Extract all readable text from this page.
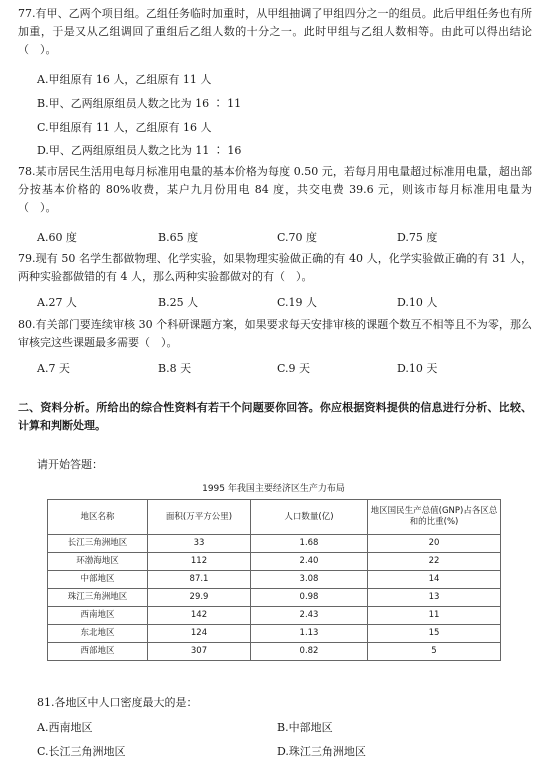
77.有甲、乙两个项目组。乙组任务临时加重时，从甲组抽调了甲组四分之一的组员。此后甲组任务也有所加重，于是又从乙组调回了重组后乙组人数的十分之一。此时甲组与乙组人数相等。由此可以得出结论（　）。
A.甲组原有 16 人，乙组原有 11 人
B.甲、乙两组原组员人数之比为 16 ∶ 11
C.甲组原有 11 人，乙组原有 16 人
D.甲、乙两组原组员人数之比为 11 ∶ 16
78.某市居民生活用电每月标准用电量的基本价格为每度 0.50 元，若每月用电量超过标准用电量，超出部分按基本价格的 80%收费，某户九月份用电 84 度，共交电费 39.6 元，则该市每月标准用电量为（　）。
A.60 度	B.65 度	C.70 度	D.75 度
79.现有 50 名学生都做物理、化学实验，如果物理实验做正确的有 40 人，化学实验做正确的有 31 人，两种实验都做错的有 4 人，那么两种实验都做对的有（　）。
A.27 人	B.25 人	C.19 人	D.10 人
80.有关部门要连续审核 30 个科研课题方案，如果要求每天安排审核的课题个数互不相等且不为零，那么审核完这些课题最多需要（　）。
A.7 天	B.8 天	C.9 天	D.10 天
二、资料分析。所给出的综合性资料有若干个问题要你回答。你应根据资料提供的信息进行分析、比较、计算和判断处理。
请开始答题：
1995 年我国主要经济区生产力布局
地区名称	面积(万平方公里)	人口数量(亿)	地区国民生产总值(GNP)占各区总和的比重(%)
长江三角洲地区	33	1.68	20
环渤海地区	112	2.40	22
中部地区	87.1	3.08	14
珠江三角洲地区	29.9	0.98	13
西南地区	142	2.43	11
东北地区	124	1.13	15
西部地区	307	0.82	5
81.各地区中人口密度最大的是：
A.西南地区	B.中部地区
C.长江三角洲地区	D.珠江三角洲地区
